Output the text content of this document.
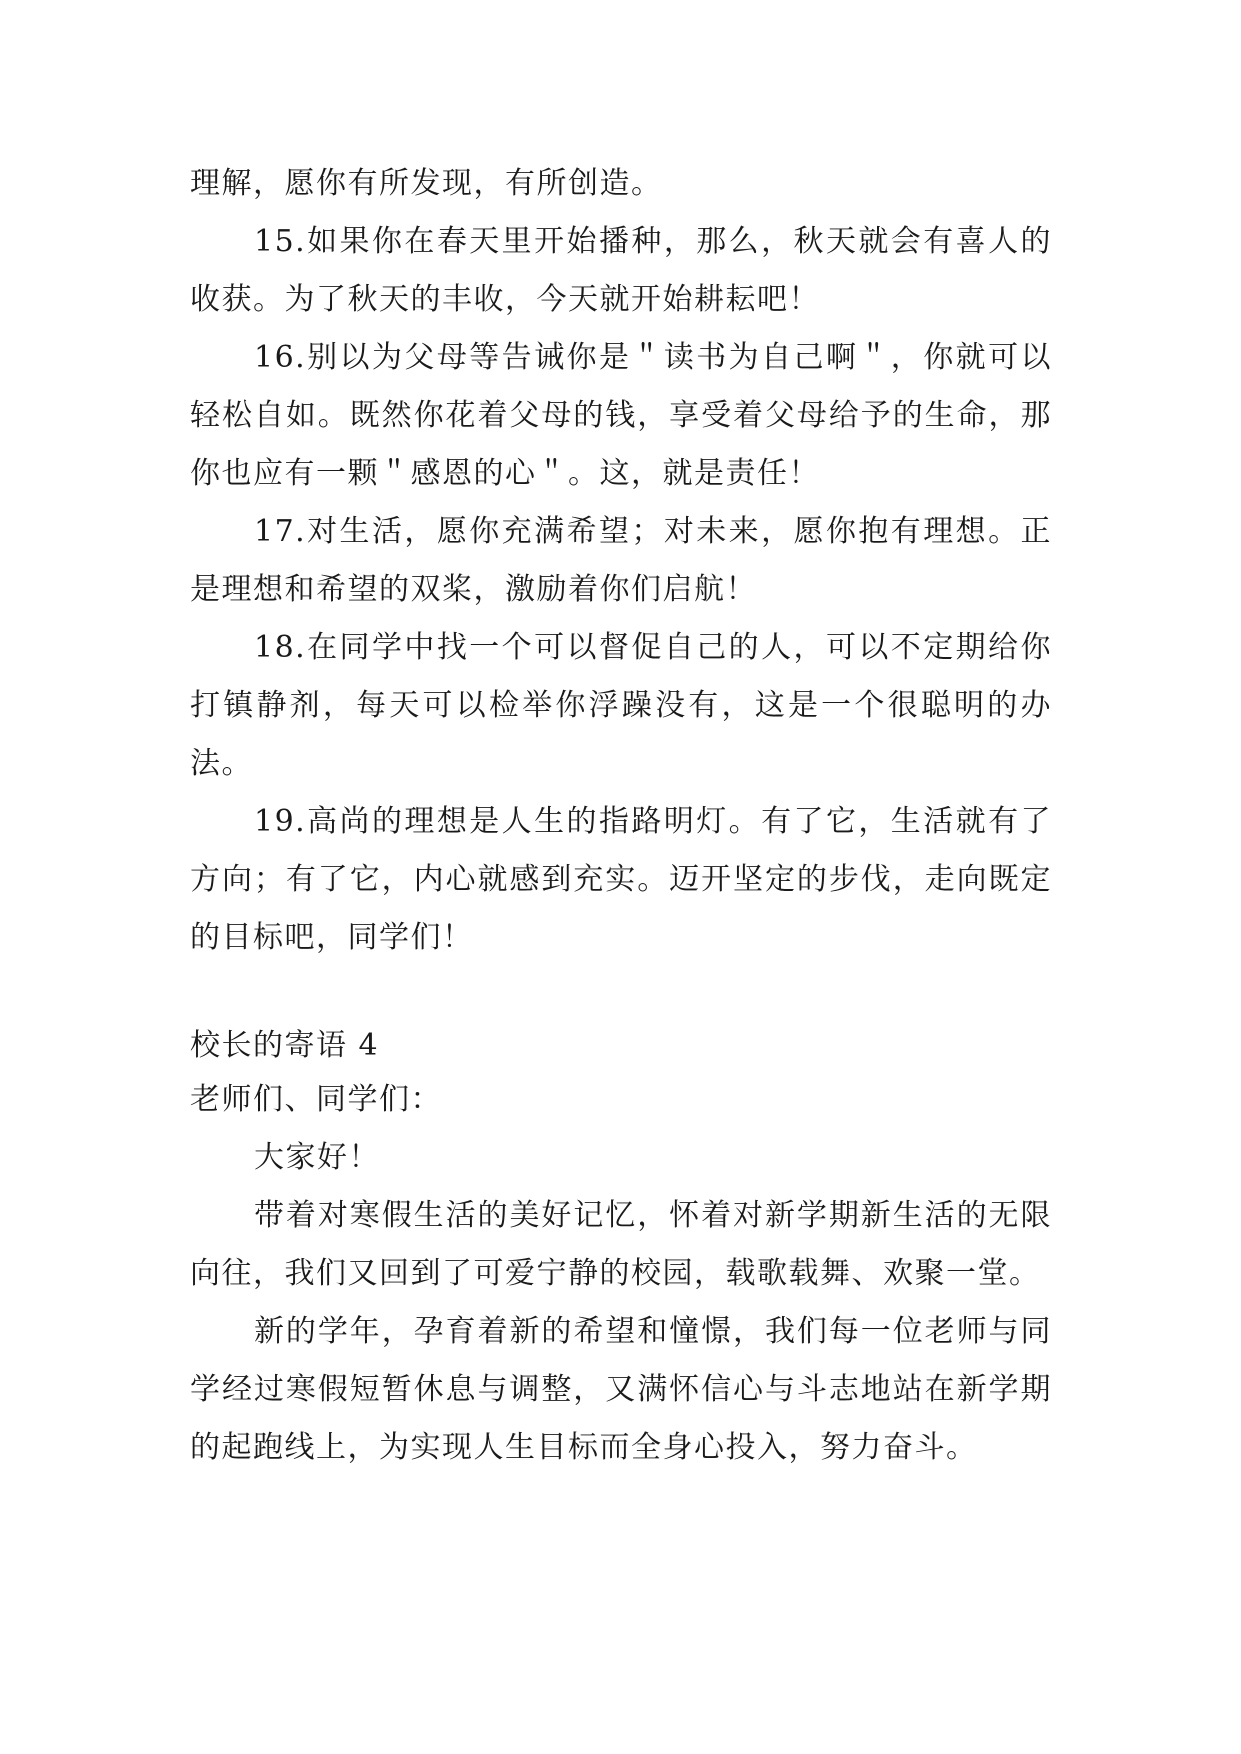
理解，愿你有所发现，有所创造。

15.如果你在春天里开始播种，那么，秋天就会有喜人的收获。为了秋天的丰收，今天就开始耕耘吧！

16.别以为父母等告诫你是＂读书为自己啊＂，你就可以轻松自如。既然你花着父母的钱，享受着父母给予的生命，那你也应有一颗＂感恩的心＂。这，就是责任！

17.对生活，愿你充满希望；对未来，愿你抱有理想。正是理想和希望的双桨，激励着你们启航！

18.在同学中找一个可以督促自己的人，可以不定期给你打镇静剂，每天可以检举你浮躁没有，这是一个很聪明的办法。

19.高尚的理想是人生的指路明灯。有了它，生活就有了方向；有了它，内心就感到充实。迈开坚定的步伐，走向既定的目标吧，同学们！

校长的寄语 4

老师们、同学们：

大家好！

带着对寒假生活的美好记忆，怀着对新学期新生活的无限向往，我们又回到了可爱宁静的校园，载歌载舞、欢聚一堂。

新的学年，孕育着新的希望和憧憬，我们每一位老师与同学经过寒假短暂休息与调整，又满怀信心与斗志地站在新学期的起跑线上，为实现人生目标而全身心投入，努力奋斗。
